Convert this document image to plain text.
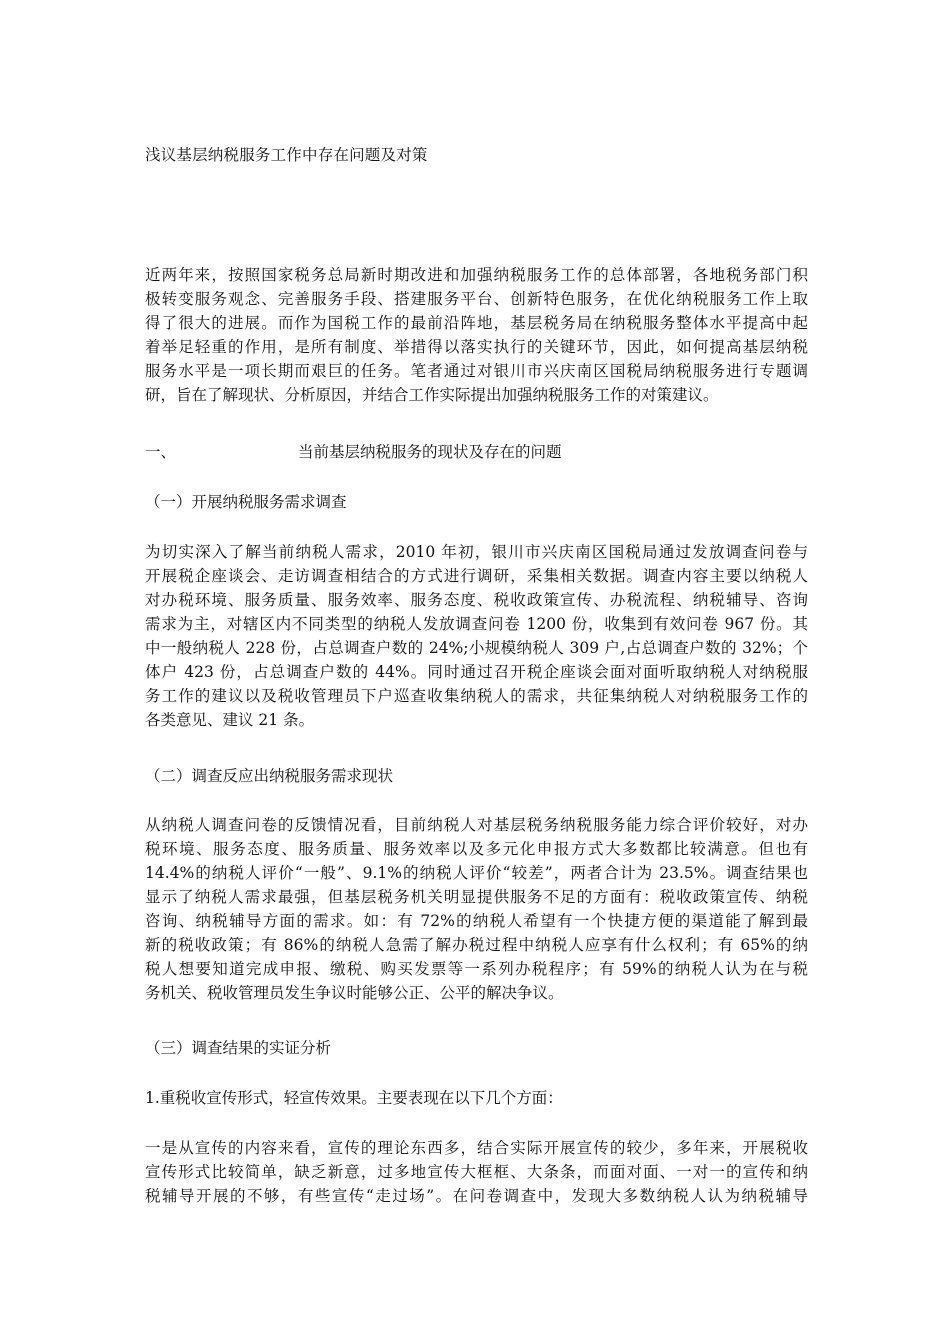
浅议基层纳税服务工作中存在问题及对策
近两年来，按照国家税务总局新时期改进和加强纳税服务工作的总体部署，各地税务部门积
极转变服务观念、完善服务手段、搭建服务平台、创新特色服务，在优化纳税服务工作上取
得了很大的进展。而作为国税工作的最前沿阵地，基层税务局在纳税服务整体水平提高中起
着举足轻重的作用，是所有制度、举措得以落实执行的关键环节，因此，如何提高基层纳税
服务水平是一项长期而艰巨的任务。笔者通过对银川市兴庆南区国税局纳税服务进行专题调
研，旨在了解现状、分析原因，并结合工作实际提出加强纳税服务工作的对策建议。
一、	当前基层纳税服务的现状及存在的问题
（一）开展纳税服务需求调查
为切实深入了解当前纳税人需求，2010 年初，银川市兴庆南区国税局通过发放调查问卷与
开展税企座谈会、走访调查相结合的方式进行调研，采集相关数据。调查内容主要以纳税人
对办税环境、服务质量、服务效率、服务态度、税收政策宣传、办税流程、纳税辅导、咨询
需求为主，对辖区内不同类型的纳税人发放调查问卷 1200 份，收集到有效问卷 967 份。其
中一般纳税人 228 份，占总调查户数的 24%;小规模纳税人 309 户,占总调查户数的 32%；个
体户 423 份，占总调查户数的 44%。同时通过召开税企座谈会面对面听取纳税人对纳税服
务工作的建议以及税收管理员下户巡查收集纳税人的需求，共征集纳税人对纳税服务工作的
各类意见、建议 21 条。
（二）调查反应出纳税服务需求现状
从纳税人调查问卷的反馈情况看，目前纳税人对基层税务纳税服务能力综合评价较好，对办
税环境、服务态度、服务质量、服务效率以及多元化申报方式大多数都比较满意。但也有
14.4%的纳税人评价“一般”、9.1%的纳税人评价“较差”，两者合计为 23.5%。调查结果也
显示了纳税人需求最强，但基层税务机关明显提供服务不足的方面有：税收政策宣传、纳税
咨询、纳税辅导方面的需求。如：有 72%的纳税人希望有一个快捷方便的渠道能了解到最
新的税收政策；有 86%的纳税人急需了解办税过程中纳税人应享有什么权利；有 65%的纳
税人想要知道完成申报、缴税、购买发票等一系列办税程序；有 59%的纳税人认为在与税
务机关、税收管理员发生争议时能够公正、公平的解决争议。
（三）调查结果的实证分析
1.重税收宣传形式，轻宣传效果。主要表现在以下几个方面：
一是从宣传的内容来看，宣传的理论东西多，结合实际开展宣传的较少，多年来，开展税收
宣传形式比较简单，缺乏新意，过多地宣传大框框、大条条，而面对面、一对一的宣传和纳
税辅导开展的不够，有些宣传“走过场”。在问卷调查中，发现大多数纳税人认为纳税辅导
